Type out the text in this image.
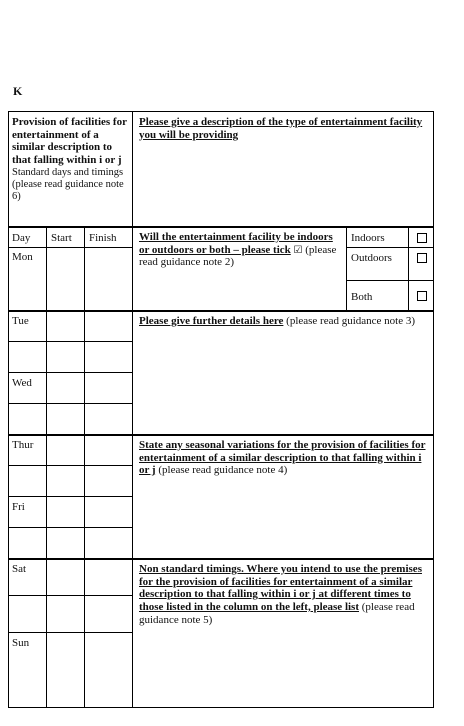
K
Provision of facilities for entertainment of a similar description to that falling within i or j
Standard days and timings (please read guidance note 6)
Please give a description of the type of entertainment facility you will be providing
Day Start Finish
Mon
Tue
Wed
Thur
Fri
Sat
Sun
Will the entertainment facility be indoors or outdoors or both – please tick ☑ (please read guidance note 2)
Indoors
Outdoors
Both
Please give further details here (please read guidance note 3)
State any seasonal variations for the provision of facilities for entertainment of a similar description to that falling within i or j (please read guidance note 4)
Non standard timings. Where you intend to use the premises for the provision of facilities for entertainment of a similar description to that falling within i or j at different times to those listed in the column on the left, please list (please read guidance note 5)
